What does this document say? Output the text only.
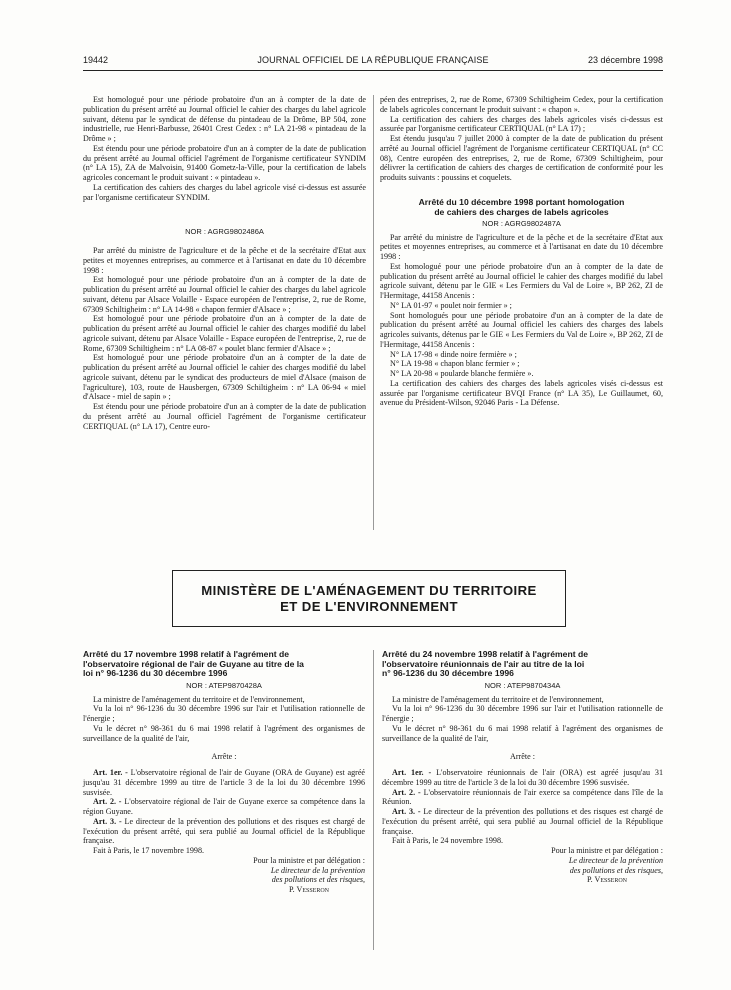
19442	JOURNAL OFFICIEL DE LA RÉPUBLIQUE FRANÇAISE	23 décembre 1998

Est homologué pour une période probatoire d'un an à compter de la date de publication du présent arrêté au Journal officiel le cahier des charges du label agricole suivant, détenu par le syndicat de défense du pintadeau de la Drôme, BP 504, zone industrielle, rue Henri-Barbusse, 26401 Crest Cedex : n° LA 21-98 « pintadeau de la Drôme » ;

Est étendu pour une période probatoire d'un an à compter de la date de publication du présent arrêté au Journal officiel l'agrément de l'organisme certificateur SYNDIM (n° LA 15), ZA de Malvoisin, 91400 Gometz-la-Ville, pour la certification de labels agricoles concernant le produit suivant : « pintadeau ».

La certification des cahiers des charges du label agricole visé ci-dessus est assurée par l'organisme certificateur SYNDIM.

NOR : AGRG9802486A

Par arrêté du ministre de l'agriculture et de la pêche et de la secrétaire d'Etat aux petites et moyennes entreprises, au commerce et à l'artisanat en date du 10 décembre 1998 :

Est homologué pour une période probatoire d'un an à compter de la date de publication du présent arrêté au Journal officiel le cahier des charges du label agricole suivant, détenu par Alsace Volaille - Espace européen de l'entreprise, 2, rue de Rome, 67309 Schiltigheim : n° LA 14-98 « chapon fermier d'Alsace » ;

Est homologué pour une période probatoire d'un an à compter de la date de publication du présent arrêté au Journal officiel le cahier des charges modifié du label agricole suivant, détenu par Alsace Volaille - Espace européen de l'entreprise, 2, rue de Rome, 67309 Schiltigheim : n° LA 08-87 « poulet blanc fermier d'Alsace » ;

Est homologué pour une période probatoire d'un an à compter de la date de publication du présent arrêté au Journal officiel le cahier des charges modifié du label agricole suivant, détenu par le syndicat des producteurs de miel d'Alsace (maison de l'agriculture), 103, route de Hausbergen, 67309 Schiltigheim : n° LA 06-94 « miel d'Alsace - miel de sapin » ;

Est étendu pour une période probatoire d'un an à compter de la date de publication du présent arrêté au Journal officiel l'agrément de l'organisme certificateur CERTIQUAL (n° LA 17), Centre euro-

péen des entreprises, 2, rue de Rome, 67309 Schiltigheim Cedex, pour la certification de labels agricoles concernant le produit suivant : « chapon ».

La certification des cahiers des charges des labels agricoles visés ci-dessus est assurée par l'organisme certificateur CERTIQUAL (n° LA 17) ;

Est étendu jusqu'au 7 juillet 2000 à compter de la date de publication du présent arrêté au Journal officiel l'agrément de l'organisme certificateur CERTIQUAL (n° CC 08), Centre européen des entreprises, 2, rue de Rome, 67309 Schiltigheim, pour délivrer la certification de cahiers des charges de certification de conformité pour les produits suivants : poussins et coquelets.

Arrêté du 10 décembre 1998 portant homologation
de cahiers des charges de labels agricoles
NOR : AGRG9802487A

Par arrêté du ministre de l'agriculture et de la pêche et de la secrétaire d'Etat aux petites et moyennes entreprises, au commerce et à l'artisanat en date du 10 décembre 1998 :

Est homologué pour une période probatoire d'un an à compter de la date de publication du présent arrêté au Journal officiel le cahier des charges modifié du label agricole suivant, détenu par le GIE « Les Fermiers du Val de Loire », BP 262, ZI de l'Hermitage, 44158 Ancenis :

N° LA 01-97 « poulet noir fermier » ;

Sont homologués pour une période probatoire d'un an à compter de la date de publication du présent arrêté au Journal officiel les cahiers des charges des labels agricoles suivants, détenus par le GIE « Les Fermiers du Val de Loire », BP 262, ZI de l'Hermitage, 44158 Ancenis :

N° LA 17-98 « dinde noire fermière » ;

N° LA 19-98 « chapon blanc fermier » ;

N° LA 20-98 « poularde blanche fermière ».

La certification des cahiers des charges des labels agricoles visés ci-dessus est assurée par l'organisme certificateur BVQI France (n° LA 35), Le Guillaumet, 60, avenue du Président-Wilson, 92046 Paris - La Défense.

MINISTÈRE DE L'AMÉNAGEMENT DU TERRITOIRE
ET DE L'ENVIRONNEMENT
Arrêté du 17 novembre 1998 relatif à l'agrément de
l'observatoire régional de l'air de Guyane au titre de la
loi n° 96-1236 du 30 décembre 1996
NOR : ATEP9870428A

La ministre de l'aménagement du territoire et de l'environnement,

Vu la loi n° 96-1236 du 30 décembre 1996 sur l'air et l'utilisation rationnelle de l'énergie ;

Vu le décret n° 98-361 du 6 mai 1998 relatif à l'agrément des organismes de surveillance de la qualité de l'air,

Arrête :

Art. 1er. - L'observatoire régional de l'air de Guyane (ORA de Guyane) est agréé jusqu'au 31 décembre 1999 au titre de l'article 3 de la loi du 30 décembre 1996 susvisée.

Art. 2. - L'observatoire régional de l'air de Guyane exerce sa compétence dans la région Guyane.

Art. 3. - Le directeur de la prévention des pollutions et des risques est chargé de l'exécution du présent arrêté, qui sera publié au Journal officiel de la République française.

Fait à Paris, le 17 novembre 1998.

Pour la ministre et par délégation :
Le directeur de la prévention
des pollutions et des risques,
P. Vesseron
Arrêté du 24 novembre 1998 relatif à l'agrément de
l'observatoire réunionnais de l'air au titre de la loi
n° 96-1236 du 30 décembre 1996
NOR : ATEP9870434A

La ministre de l'aménagement du territoire et de l'environnement,

Vu la loi n° 96-1236 du 30 décembre 1996 sur l'air et l'utilisation rationnelle de l'énergie ;

Vu le décret n° 98-361 du 6 mai 1998 relatif à l'agrément des organismes de surveillance de la qualité de l'air,

Arrête :

Art. 1er. - L'observatoire réunionnais de l'air (ORA) est agréé jusqu'au 31 décembre 1999 au titre de l'article 3 de la loi du 30 décembre 1996 susvisée.

Art. 2. - L'observatoire réunionnais de l'air exerce sa compétence dans l'île de la Réunion.

Art. 3. - Le directeur de la prévention des pollutions et des risques est chargé de l'exécution du présent arrêté, qui sera publié au Journal officiel de la République française.

Fait à Paris, le 24 novembre 1998.

Pour la ministre et par délégation :
Le directeur de la prévention
des pollutions et des risques,
P. Vesseron
